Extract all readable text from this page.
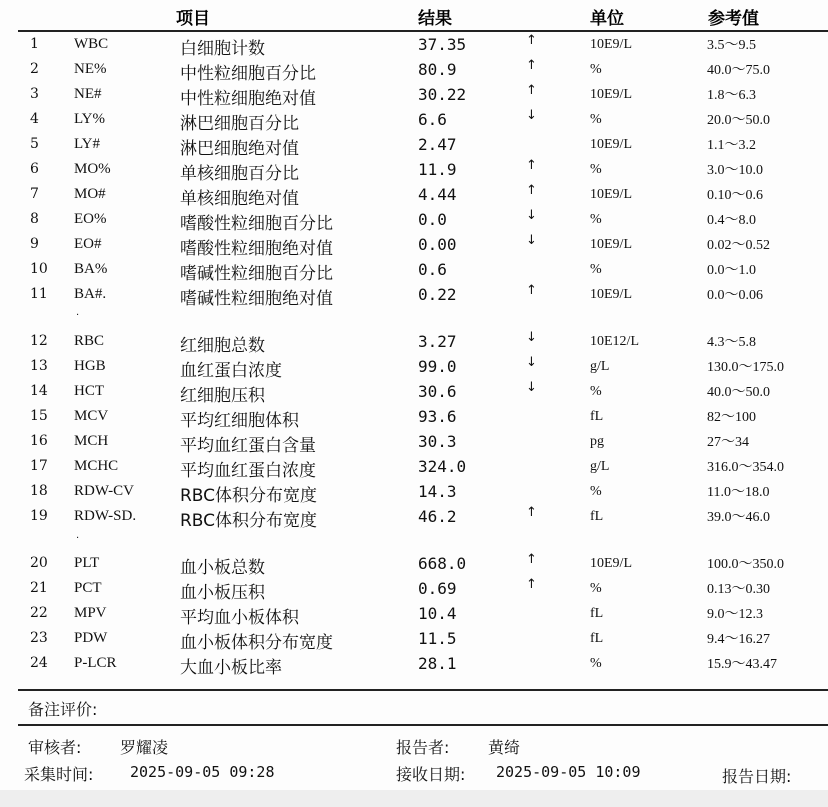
项目	结果	单位	参考值
1 WBC	白细胞计数	37.35	↑	10E9/L	3.5～9.5
2 NE%	中性粒细胞百分比	80.9	↑	%	40.0～75.0
3 NE#	中性粒细胞绝对值	30.22	↑	10E9/L	1.8～6.3
4 LY%	淋巴细胞百分比	6.6	↓	%	20.0～50.0
5 LY#	淋巴细胞绝对值	2.47	10E9/L	1.1～3.2
6 MO%	单核细胞百分比	11.9	↑	%	3.0～10.0
7 MO#	单核细胞绝对值	4.44	↑	10E9/L	0.10～0.6
8 EO%	嗜酸性粒细胞百分比	0.0	↓	%	0.4～8.0
9 EO#	嗜酸性粒细胞绝对值	0.00	↓	10E9/L	0.02～0.52
10 BA%	嗜碱性粒细胞百分比	0.6	%	0.0～1.0
11 BA#.	嗜碱性粒细胞绝对值	0.22	↑	10E9/L	0.0～0.06
·
12 RBC	红细胞总数	3.27	↓	10E12/L	4.3～5.8
13 HGB	血红蛋白浓度	99.0	↓	g/L	130.0～175.0
14 HCT	红细胞压积	30.6	↓	%	40.0～50.0
15 MCV	平均红细胞体积	93.6	fL	82～100
16 MCH	平均血红蛋白含量	30.3	pg	27～34
17 MCHC	平均血红蛋白浓度	324.0	g/L	316.0～354.0
18 RDW-CV	RBC体积分布宽度	14.3	%	11.0～18.0
19 RDW-SD.	RBC体积分布宽度	46.2	↑	fL	39.0～46.0
·
20 PLT	血小板总数	668.0	↑	10E9/L	100.0～350.0
21 PCT	血小板压积	0.69	↑	%	0.13～0.30
22 MPV	平均血小板体积	10.4	fL	9.0～12.3
23 PDW	血小板体积分布宽度	11.5	fL	9.4～16.27
24 P-LCR	大血小板比率	28.1	%	15.9～43.47
备注评价:
审核者: 罗耀凌	报告者: 黄绮
采集时间: 2025-09-05 09:28	接收日期: 2025-09-05 10:09	报告日期:
